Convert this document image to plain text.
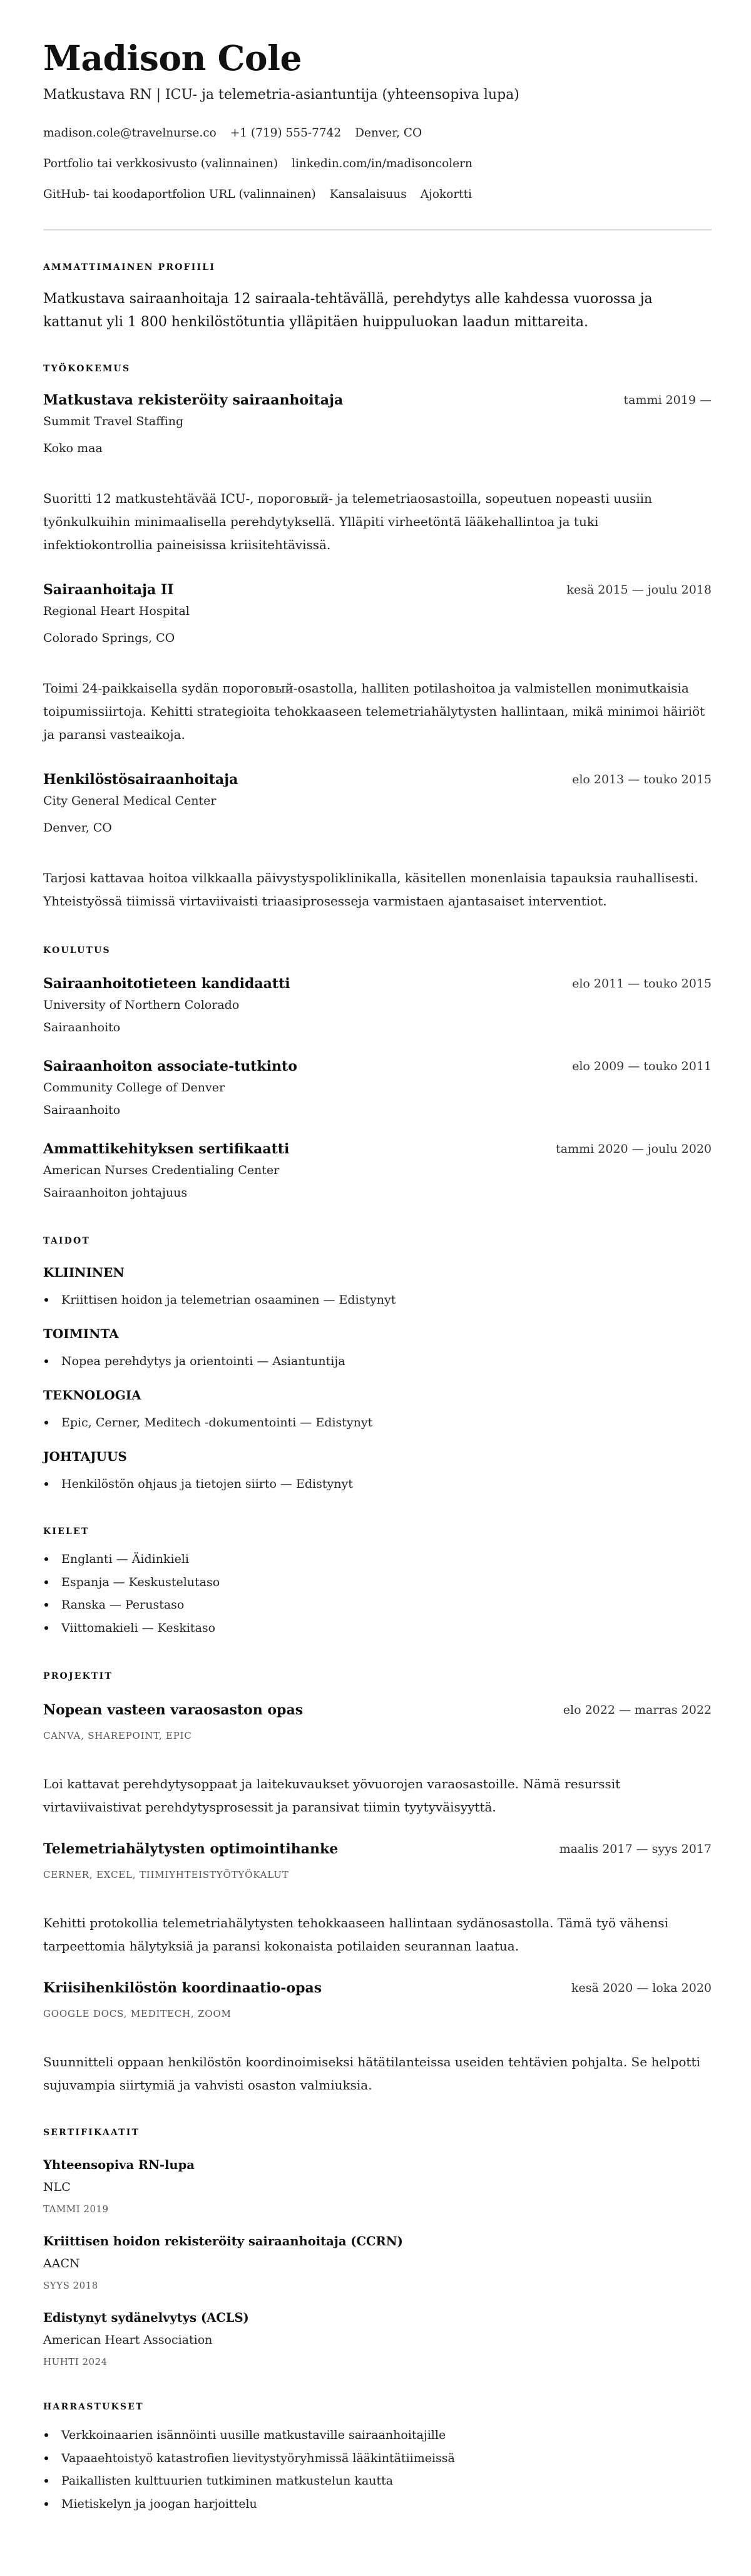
Madison Cole
Matkustava RN | ICU- ja telemetria-asiantuntija (yhteensopiva lupa)
madison.cole@travelnurse.co +1 (719) 555-7742 Denver, CO
Portfolio tai verkkosivusto (valinnainen) linkedin.com/in/madisoncolern
GitHub- tai koodaportfolion URL (valinnainen) Kansalaisuus Ajokortti
AMMATTIMAINEN PROFIILI
Matkustava sairaanhoitaja 12 sairaala-tehtävällä, perehdytys alle kahdessa vuorossa ja kattanut yli 1 800 henkilöstötuntia ylläpitäen huippuluokan laadun mittareita.
TYÖKOKEMUS
Matkustava rekisteröity sairaanhoitaja	tammi 2019 —
Summit Travel Staffing
Koko maa
Suoritti 12 matkustehtävää ICU-, пороговый- ja telemetriaosastoilla, sopeutuen nopeasti uusiin työnkulkuihin minimaalisella perehdytyksellä. Ylläpiti virheetöntä lääkehallintoa ja tuki infektiokontrollia paineisissa kriisitehtävissä.
Sairaanhoitaja II	kesä 2015 — joulu 2018
Regional Heart Hospital
Colorado Springs, CO
Toimi 24-paikkaisella sydän пороговый-osastolla, halliten potilashoitoa ja valmistellen monimutkaisia toipumissiirtoja. Kehitti strategioita tehokkaaseen telemetriahälytysten hallintaan, mikä minimoi häiriöt ja paransi vasteaikoja.
Henkilöstösairaanhoitaja	elo 2013 — touko 2015
City General Medical Center
Denver, CO
Tarjosi kattavaa hoitoa vilkkaalla päivystyspoliklinikalla, käsitellen monenlaisia tapauksia rauhallisesti. Yhteistyössä tiimissä virtaviivaisti triaasiprosesseja varmistaen ajantasaiset interventiot.
KOULUTUS
Sairaanhoitotieteen kandidaatti	elo 2011 — touko 2015
University of Northern Colorado
Sairaanhoito
Sairaanhoiton associate-tutkinto	elo 2009 — touko 2011
Community College of Denver
Sairaanhoito
Ammattikehityksen sertifikaatti	tammi 2020 — joulu 2020
American Nurses Credentialing Center
Sairaanhoiton johtajuus
TAIDOT
KLIININEN
Kriittisen hoidon ja telemetrian osaaminen — Edistynyt
TOIMINTA
Nopea perehdytys ja orientointi — Asiantuntija
TEKNOLOGIA
Epic, Cerner, Meditech -dokumentointi — Edistynyt
JOHTAJUUS
Henkilöstön ohjaus ja tietojen siirto — Edistynyt
KIELET
Englanti — Äidinkieli
Espanja — Keskustelutaso
Ranska — Perustaso
Viittomakieli — Keskitaso
PROJEKTIT
Nopean vasteen varaosaston opas	elo 2022 — marras 2022
CANVA, SHAREPOINT, EPIC
Loi kattavat perehdytysoppaat ja laitekuvaukset yövuorojen varaosastoille. Nämä resurssit virtaviivaistivat perehdytysprosessit ja paransivat tiimin tyytyväisyyttä.
Telemetriahälytysten optimointihanke	maalis 2017 — syys 2017
CERNER, EXCEL, TIIMIYHTEISTYÖTYÖKALUT
Kehitti protokollia telemetriahälytysten tehokkaaseen hallintaan sydänosastolla. Tämä työ vähensi tarpeettomia hälytyksiä ja paransi kokonaista potilaiden seurannan laatua.
Kriisihenkilöstön koordinaatio-opas	kesä 2020 — loka 2020
GOOGLE DOCS, MEDITECH, ZOOM
Suunnitteli oppaan henkilöstön koordinoimiseksi hätätilanteissa useiden tehtävien pohjalta. Se helpotti sujuvampia siirtymiä ja vahvisti osaston valmiuksia.
SERTIFIKAATIT
Yhteensopiva RN-lupa
NLC
TAMMI 2019
Kriittisen hoidon rekisteröity sairaanhoitaja (CCRN)
AACN
SYYS 2018
Edistynyt sydänelvytys (ACLS)
American Heart Association
HUHTI 2024
HARRASTUKSET
Verkkoinaarien isännöinti uusille matkustaville sairaanhoitajille
Vapaaehtoistyö katastrofien lievitystyöryhmissä lääkintätiimeissä
Paikallisten kulttuurien tutkiminen matkustelun kautta
Mietiskelyn ja joogan harjoittelu
